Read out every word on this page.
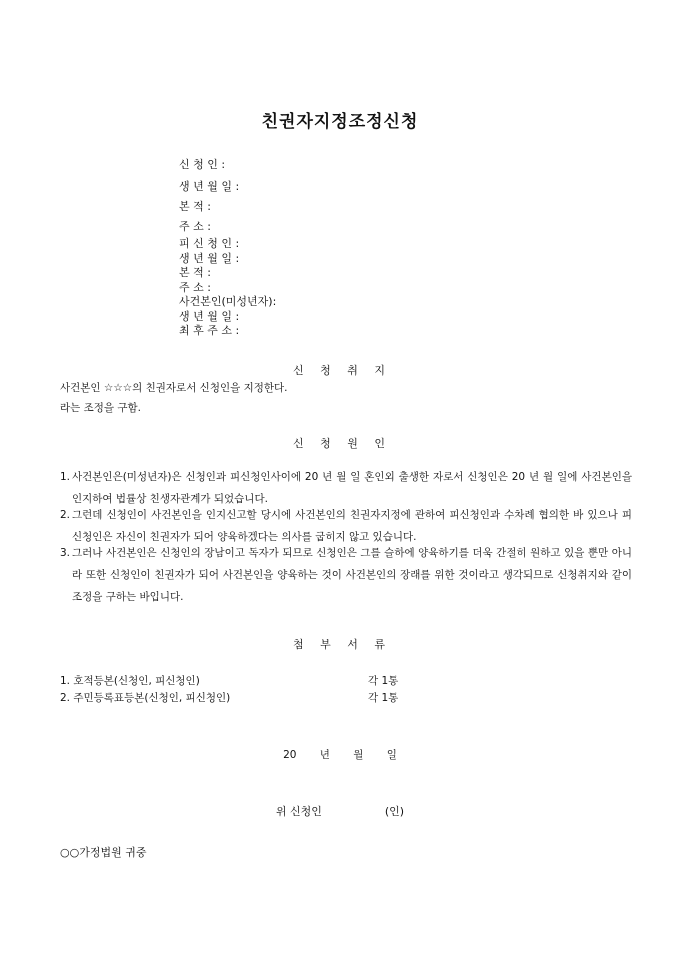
친권자지정조정신청
신 청 인 :
생 년 월 일 :
본 적 :
주 소 :
피 신 청 인 :
생 년 월 일 :
본 적 :
주 소 :
사건본인(미성년자):
생 년 월 일 :
최 후 주 소 :
신 청 취 지
사건본인 ☆☆☆의 친권자로서 신청인을 지정한다.
라는 조정을 구함.
신 청 원 인
1. 사건본인은(미성년자)은 신청인과 피신청인사이에 20 년 월 일 혼인외 출생한 자로서 신청인은 20 년 월 일에 사건본인을 인지하여 법률상 친생자관계가 되었습니다.
2. 그런데 신청인이 사건본인을 인지신고할 당시에 사건본인의 친권자지정에 관하여 피신청인과 수차례 협의한 바 있으나 피신청인은 자신이 친권자가 되어 양육하겠다는 의사를 굽히지 않고 있습니다.
3. 그러나 사건본인은 신청인의 장남이고 독자가 되므로 신청인은 그를 슬하에 양육하기를 더욱 간절히 원하고 있을 뿐만 아니라 또한 신청인이 친권자가 되어 사건본인을 양육하는 것이 사건본인의 장래를 위한 것이라고 생각되므로 신청취지와 같이 조정을 구하는 바입니다.
첨 부 서 류
1. 호적등본(신청인, 피신청인)	각 1통
2. 주민등록표등본(신청인, 피신청인)	각 1통
20 년 월 일
위 신청인	(인)
○○가정법원 귀중
